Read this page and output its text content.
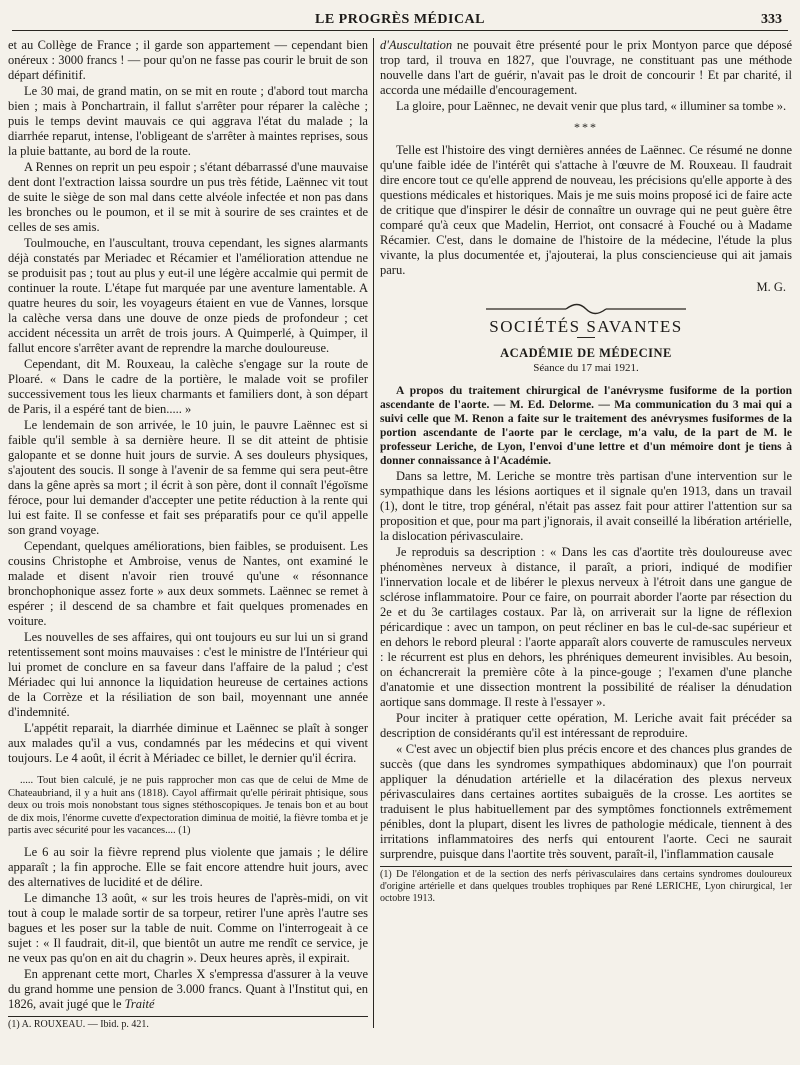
LE PROGRÈS MÉDICAL	333

et au Collège de France ; il garde son appartement — cependant bien onéreux : 3000 francs ! — pour qu'on ne fasse pas courir le bruit de son départ définitif.

Le 30 mai, de grand matin, on se mit en route ; d'abord tout marcha bien ; mais à Ponchartrain, il fallut s'arrêter pour réparer la calèche ; puis le temps devint mauvais ce qui aggrava l'état du malade ; la diarrhée reparut, intense, l'obligeant de s'arrêter à maintes reprises, sous la pluie battante, au bord de la route.

A Rennes on reprit un peu espoir ; s'étant débarrassé d'une mauvaise dent dont l'extraction laissa sourdre un pus très fétide, Laënnec vit tout de suite le siège de son mal dans cette alvéole infectée et non pas dans les bronches ou le poumon, et il se mit à sourire de ses craintes et de celles de ses amis.

Toulmouche, en l'auscultant, trouva cependant, les signes alarmants déjà constatés par Meriadec et Récamier et l'amélioration attendue ne se produisit pas ; tout au plus y eut-il une légère accalmie qui permit de continuer la route. L'étape fut marquée par une aventure lamentable. A quatre heures du soir, les voyageurs étaient en vue de Vannes, lorsque la calèche versa dans une douve de onze pieds de profondeur ; cet accident nécessita un arrêt de trois jours. A Quimperlé, à Quimper, il fallut encore s'arrêter avant de reprendre la marche douloureuse.

Cependant, dit M. Rouxeau, la calèche s'engage sur la route de Ploaré. « Dans le cadre de la portière, le malade voit se profiler successivement tous les lieux charmants et familiers dont, à son départ de Paris, il a espéré tant de bien..... »

Le lendemain de son arrivée, le 10 juin, le pauvre Laënnec est si faible qu'il semble à sa dernière heure. Il se dit atteint de phtisie galopante et se donne huit jours de survie. A ses douleurs physiques, s'ajoutent des soucis. Il songe à l'avenir de sa femme qui sera peut-être dans la gêne après sa mort ; il écrit à son père, dont il connaît l'égoïsme féroce, pour lui demander d'accepter une petite réduction à la rente qui lui est faite. Il se confesse et fait ses préparatifs pour ce qu'il appelle son grand voyage.

Cependant, quelques améliorations, bien faibles, se produisent. Les cousins Christophe et Ambroise, venus de Nantes, ont examiné le malade et disent n'avoir rien trouvé qu'une « résonnance bronchophonique assez forte » aux deux sommets. Laënnec se remet à espérer ; il descend de sa chambre et fait quelques promenades en voiture.

Les nouvelles de ses affaires, qui ont toujours eu sur lui un si grand retentissement sont moins mauvaises : c'est le ministre de l'Intérieur qui lui promet de conclure en sa faveur dans l'affaire de la palud ; c'est Mériadec qui lui annonce la liquidation heureuse de certaines actions de la Corrèze et la résiliation de son bail, moyennant une année d'indemnité.

L'appétit reparait, la diarrhée diminue et Laënnec se plaît à songer aux malades qu'il a vus, condamnés par les médecins et qui vivent toujours. Le 4 août, il écrit à Mériadec ce billet, le dernier qu'il écrira.

..... Tout bien calculé, je ne puis rapprocher mon cas que de celui de Mme de Chateaubriand, il y a huit ans (1818). Cayol affirmait qu'elle périrait phtisique, sous deux ou trois mois nonobstant tous signes stéthoscopiques. Je tenais bon et au bout de dix mois, l'énorme cuvette d'expectoration diminua de moitié, la fièvre tomba et je partis avec sécurité pour les vacances.... (1)

Le 6 au soir la fièvre reprend plus violente que jamais ; le délire apparaît ; la fin approche. Elle se fait encore attendre huit jours, avec des alternatives de lucidité et de délire.

Le dimanche 13 août, « sur les trois heures de l'après-midi, on vit tout à coup le malade sortir de sa torpeur, retirer l'une après l'autre ses bagues et les poser sur la table de nuit. Comme on l'interrogeait à ce sujet : « Il faudrait, dit-il, que bientôt un autre me rendît ce service, je ne veux pas qu'on en ait du chagrin ». Deux heures après, il expirait.

En apprenant cette mort, Charles X s'empressa d'assurer à la veuve du grand homme une pension de 3.000 francs. Quant à l'Institut qui, en 1826, avait jugé que le Traité

(1) A. ROUXEAU. — Ibid. p. 421.

d'Auscultation ne pouvait être présenté pour le prix Montyon parce que déposé trop tard, il trouva en 1827, que l'ouvrage, ne constituant pas une méthode nouvelle dans l'art de guérir, n'avait pas le droit de concourir ! Et par charité, il accorda une médaille d'encouragement.

La gloire, pour Laënnec, ne devait venir que plus tard, « illuminer sa tombe ».

***

Telle est l'histoire des vingt dernières années de Laënnec. Ce résumé ne donne qu'une faible idée de l'intérêt qui s'attache à l'œuvre de M. Rouxeau. Il faudrait dire encore tout ce qu'elle apprend de nouveau, les précisions qu'elle apporte à des questions médicales et historiques. Mais je me suis moins proposé ici de faire acte de critique que d'inspirer le désir de connaître un ouvrage qui ne peut guère être comparé qu'à ceux que Madelin, Herriot, ont consacré à Fouché ou à Madame Récamier. C'est, dans le domaine de l'histoire de la médecine, l'étude la plus vivante, la plus documentée et, j'ajouterai, la plus consciencieuse qui ait jamais paru.

M. G.

SOCIÉTÉS SAVANTES
ACADÉMIE DE MÉDECINE
Séance du 17 mai 1921.

A propos du traitement chirurgical de l'anévrysme fusiforme de la portion ascendante de l'aorte. — M. Ed. Delorme. — Ma communication du 3 mai qui a suivi celle que M. Renon a faite sur le traitement des anévrysmes fusiformes de la portion ascendante de l'aorte par le cerclage, m'a valu, de la part de M. le professeur Leriche, de Lyon, l'envoi d'une lettre et d'un mémoire dont je tiens à donner connaissance à l'Académie.

Dans sa lettre, M. Leriche se montre très partisan d'une intervention sur le sympathique dans les lésions aortiques et il signale qu'en 1913, dans un travail (1), dont le titre, trop général, n'était pas assez fait pour attirer l'attention sur sa proposition et que, pour ma part j'ignorais, il avait conseillé la libération artérielle, la dislocation périvasculaire.

Je reproduis sa description : « Dans les cas d'aortite très douloureuse avec phénomènes nerveux à distance, il paraît, a priori, indiqué de modifier l'innervation locale et de libérer le plexus nerveux à l'étroit dans une gangue de sclérose inflammatoire. Pour ce faire, on pourrait aborder l'aorte par résection du 2e et du 3e cartilages costaux. Par là, on arriverait sur la ligne de réflexion péricardique : avec un tampon, on peut récliner en bas le cul-de-sac supérieur et en dehors le rebord pleural : l'aorte apparaît alors couverte de ramuscules nerveux : le récurrent est plus en dehors, les phréniques demeurent invisibles. Au besoin, on échancrerait la première côte à la pince-gouge ; l'examen d'une planche d'anatomie et une dissection montrent la possibilité de réaliser la dénudation aortique sans dommage. Il reste à l'essayer ».

Pour inciter à pratiquer cette opération, M. Leriche avait fait précéder sa description de considérants qu'il est intéressant de reproduire.

« C'est avec un objectif bien plus précis encore et des chances plus grandes de succès (que dans les syndromes sympathiques abdominaux) que l'on pourrait appliquer la dénudation artérielle et la dilacération des plexus nerveux périvasculaires dans certaines aortites subaiguës de la crosse. Les aortites se traduisent le plus habituellement par des symptômes fonctionnels extrêmement pénibles, dont la plupart, disent les livres de pathologie médicale, tiennent à des irritations inflammatoires des nerfs qui entourent l'aorte. Ceci ne saurait surprendre, puisque dans l'aortite très souvent, paraît-il, l'inflammation causale

(1) De l'élongation et de la section des nerfs périvasculaires dans certains syndromes douloureux d'origine artérielle et dans quelques troubles trophiques par René LERICHE, Lyon chirurgical, 1er octobre 1913.
